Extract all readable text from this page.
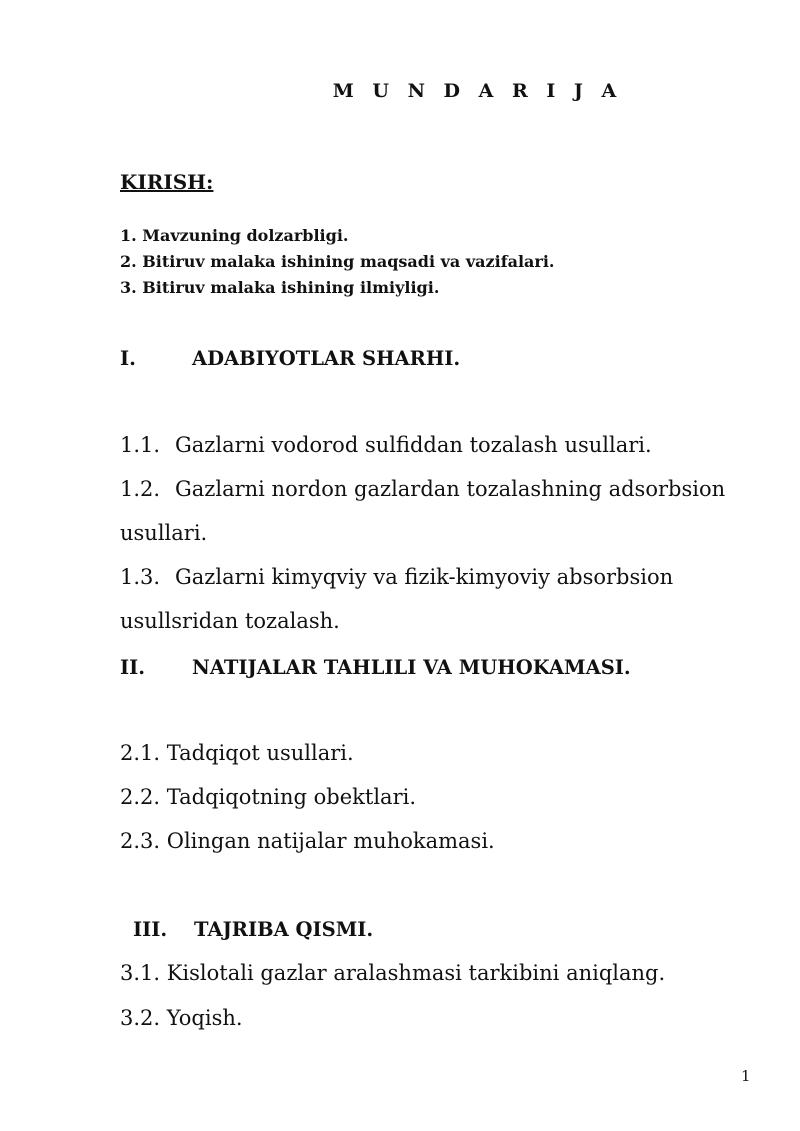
M U N D A R I J A
KIRISH:
1. Mavzuning dolzarbligi.
2. Bitiruv malaka ishining maqsadi va vazifalari.
3. Bitiruv malaka ishining ilmiyligi.
I.	ADABIYOTLAR SHARHI.
1.1. Gazlarni vodorod sulfiddan tozalash usullari.
1.2. Gazlarni nordon gazlardan tozalashning adsorbsion
usullari.
1.3. Gazlarni kimyqviy va fizik-kimyoviy absorbsion
usullsridan tozalash.
II. NATIJALAR TAHLILI VA MUHOKAMASI.
2.1. Tadqiqot usullari.
2.2. Tadqiqotning obektlari.
2.3. Olingan natijalar muhokamasi.
III. TAJRIBA QISMI.
3.1. Kislotali gazlar aralashmasi tarkibini aniqlang.
3.2. Yoqish.
1
